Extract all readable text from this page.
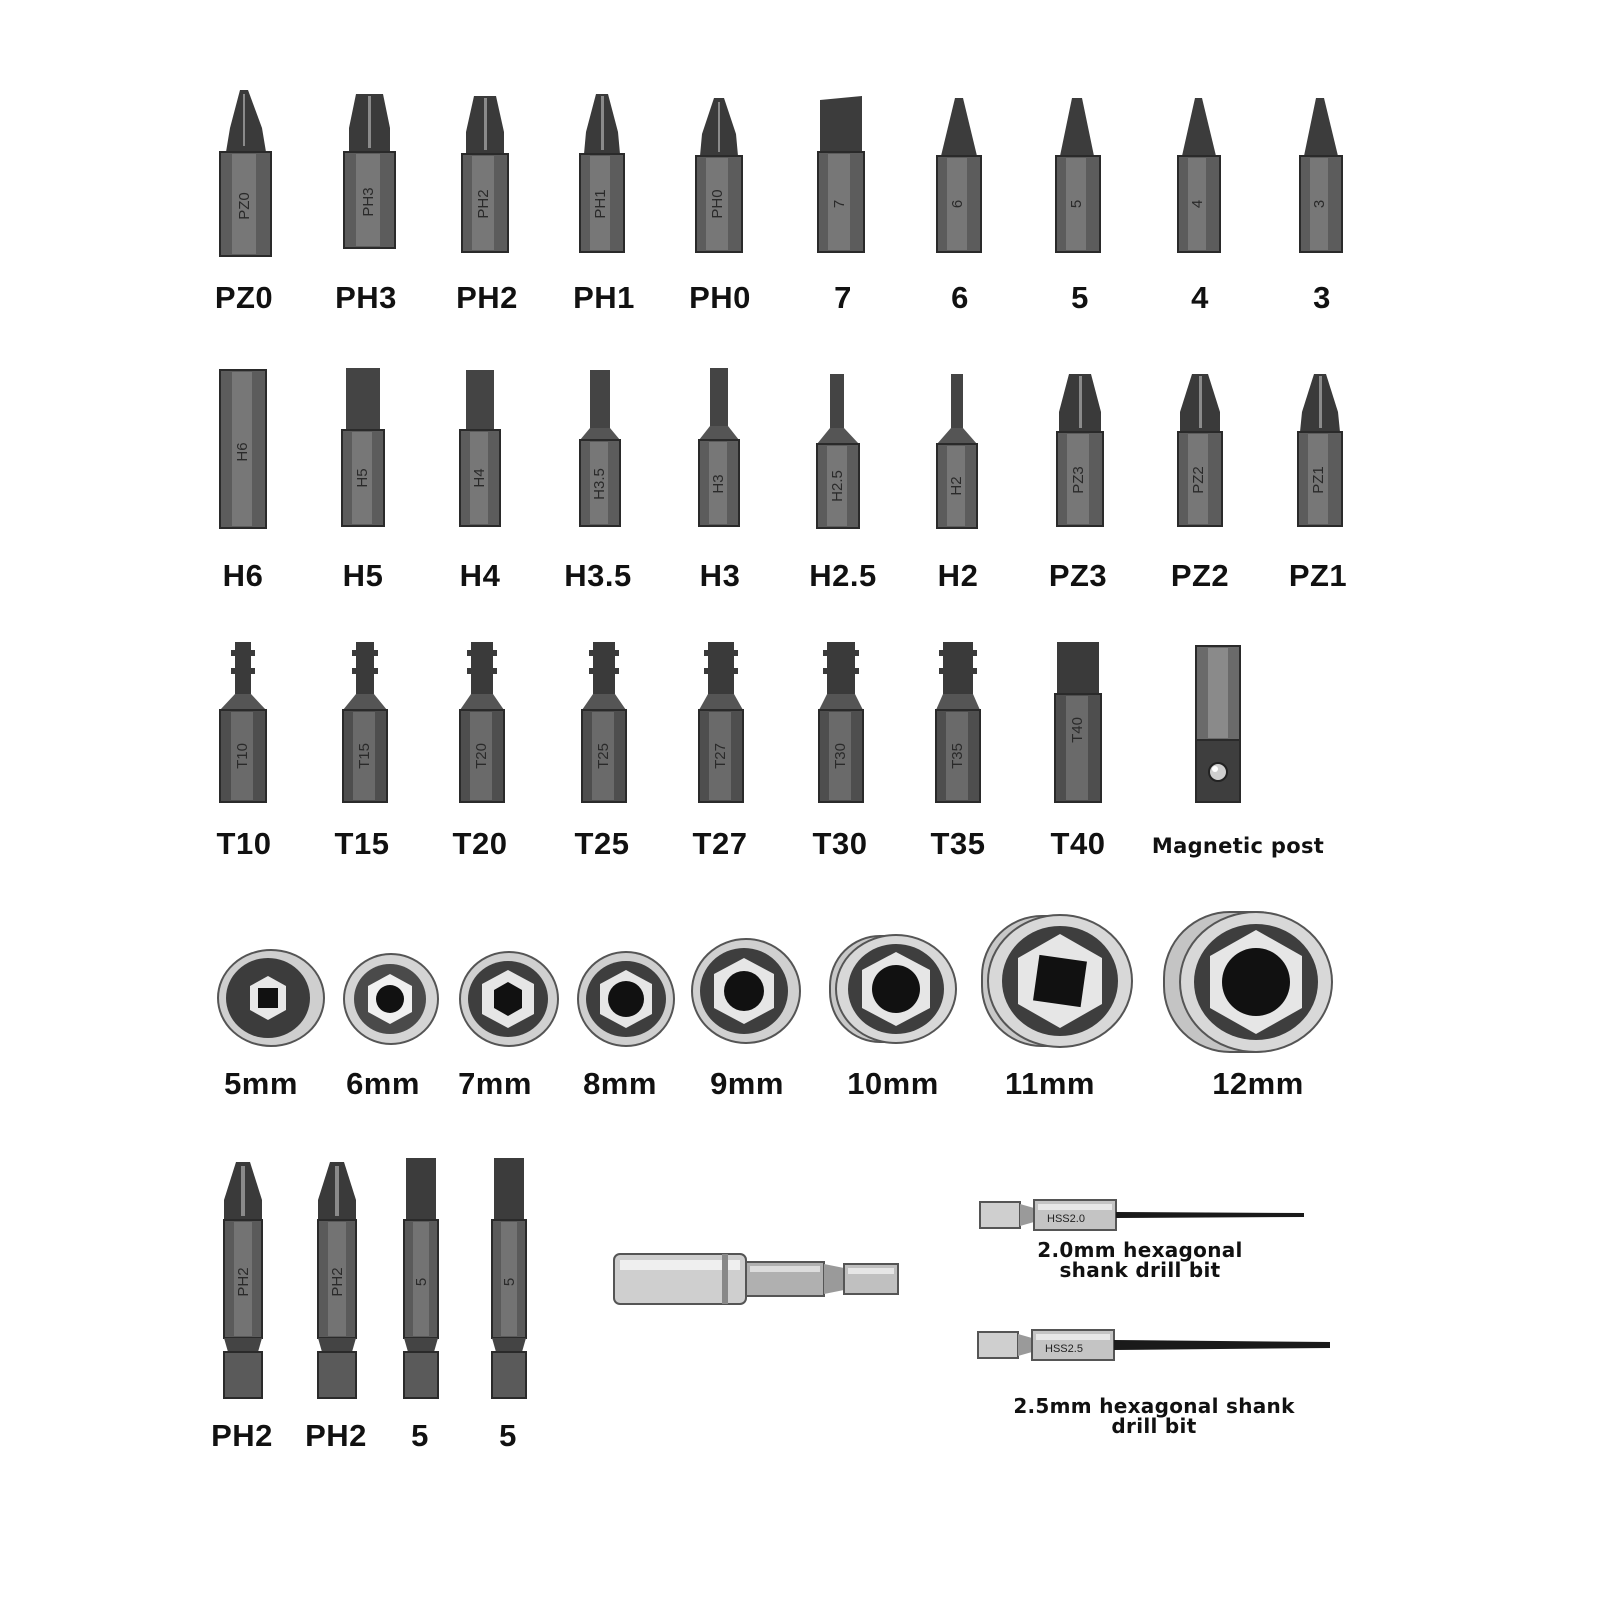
PZ0	PH3	PH2	PH1	PH0	7	6	5	4	3
PZ0 PH3 PH2 PH1 PH0	7	6	5	4	3
H6
H5	H4	H3.5	H3	H2.5	H2	PZ3	PZ2	PZ1
H6	H5 H4 H3.5 H3 H2.5 H2 PZ3 PZ2 PZ1
T10	T15	T20	T25	T27	T30	T35
T40
T10 T15 T20 T25 T27 T30 T35 T40 Magnetic post
5mm 6mm 7mm 8mm 9mm 10mm 11mm	12mm
PH2	PH2	5	5
PH2 PH2 5 5
HSS2.0
HSS2.5
2.0mm hexagonal
shank drill bit
2.5mm hexagonal shank
drill bit
